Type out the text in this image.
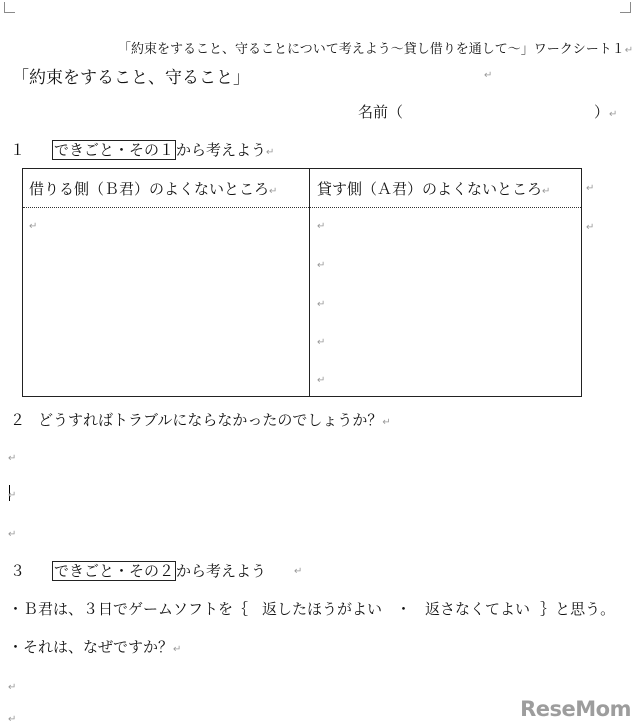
「約束をすること、守ることについて考えよう〜貸し借りを通して〜」ワークシート１↵
「約束をすること、守ること」	↵
名前（	）↵
１ できごと・その１ から考えよう↵
借りる側（Ｂ君）のよくないところ↵	貸す側（Ａ君）のよくないところ↵
↵	↵
↵
↵
↵
↵
↵
↵
２ どうすればトラブルにならなかったのでしょうか？↵
↵
↵
↵
３ できごと・その２ から考えよう	↵
・Ｂ君は、３日でゲームソフトを｛ 返したほうがよい ・ 返さなくてよい ｝と思う。
・それは、なぜですか？↵
↵
↵	ReseMom
